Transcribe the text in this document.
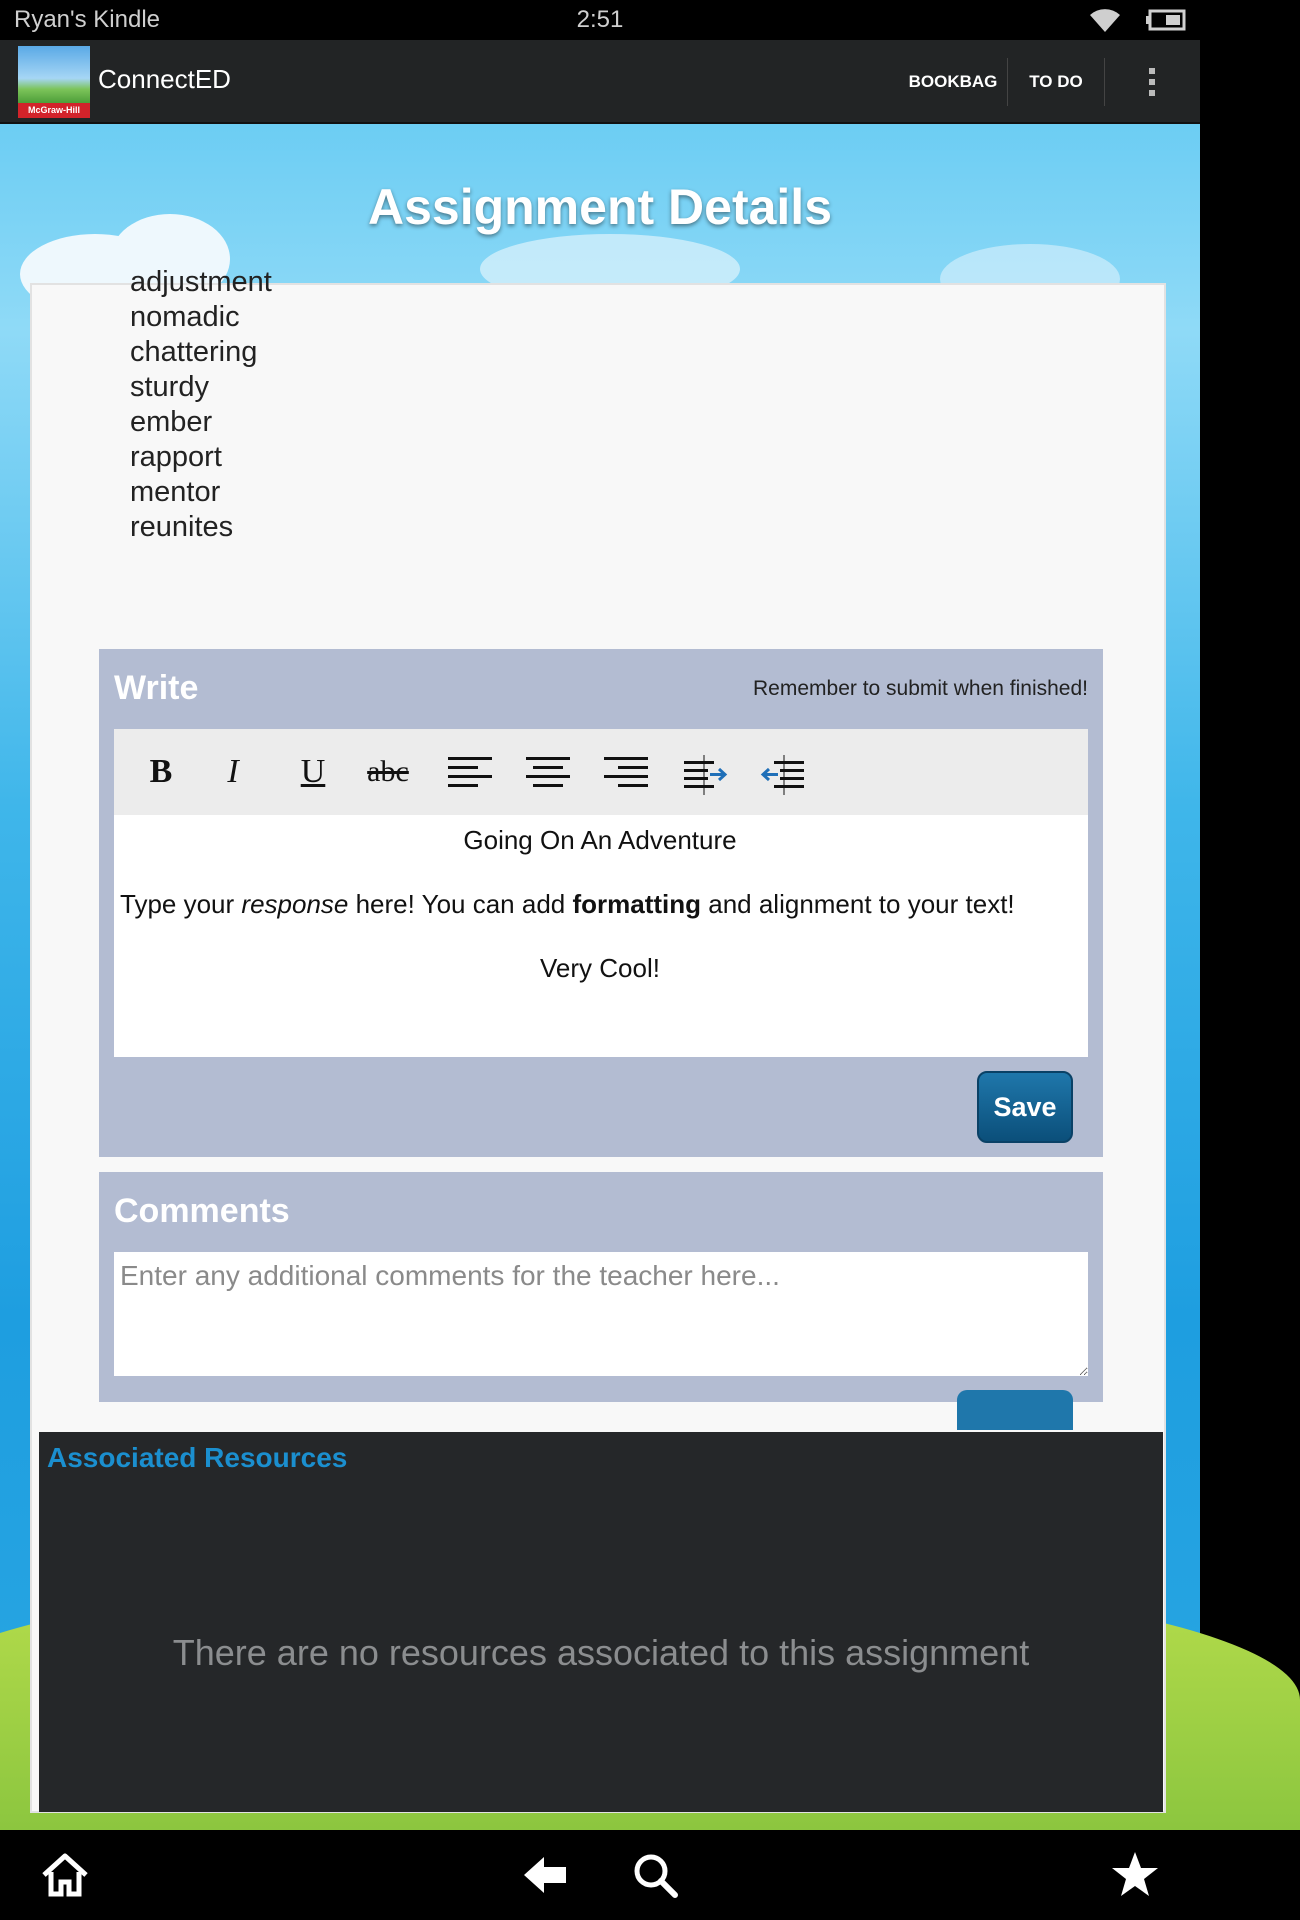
Ryan's Kindle	2:51
McGraw-Hill
ConnectED	BOOKBAG	TO DO
Assignment Details
adjustment
nomadic
chattering
sturdy
ember
rapport
mentor
reunites
Write	Remember to submit when finished!
B	I	U	abc

Going On An Adventure

Type your response here! You can add formatting and alignment to your text!

Very Cool!

Save
Comments
Enter any additional comments for the teacher here...
Associated Resources
There are no resources associated to this assignment
